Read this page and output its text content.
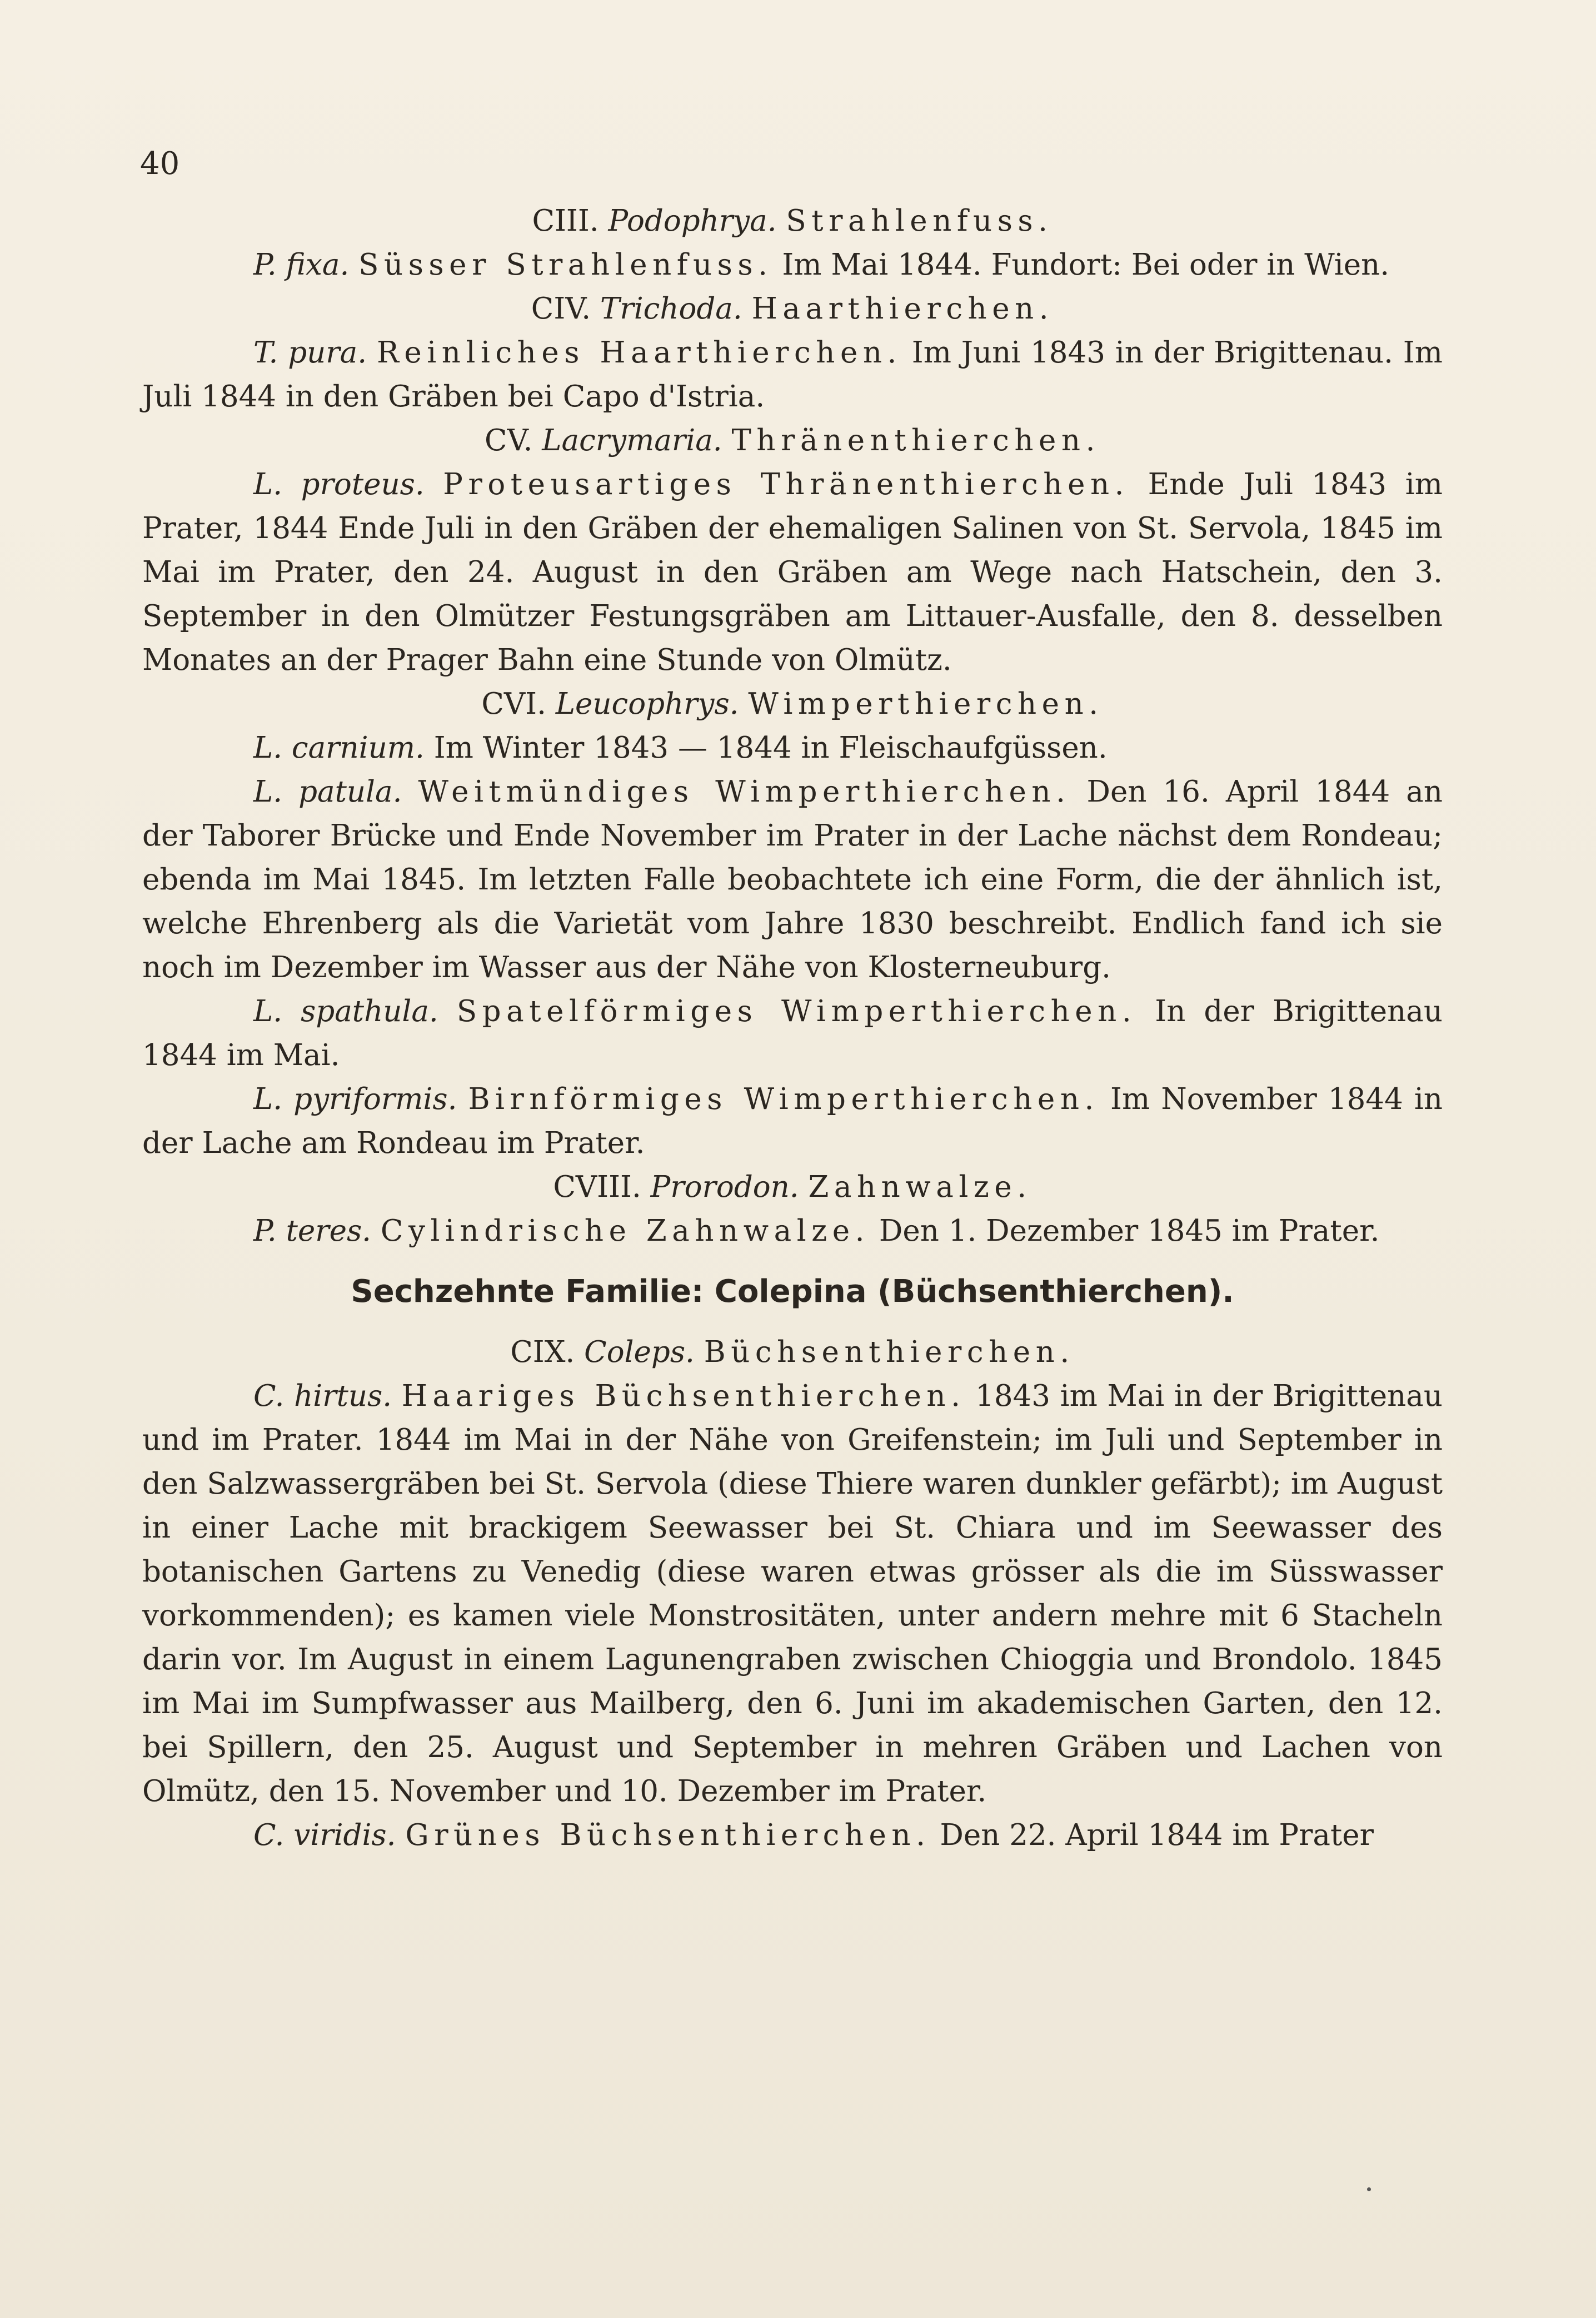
40
CIII. Podophrya. Strahlenfuss.
P. fixa. Süsser Strahlenfuss. Im Mai 1844. Fundort: Bei oder in Wien.
CIV. Trichoda. Haarthierchen.
T. pura. Reinliches Haarthierchen. Im Juni 1843 in der Brigittenau. Im Juli 1844 in den Gräben bei Capo d'Istria.
CV. Lacrymaria. Thränenthierchen.
L. proteus. Proteusartiges Thränenthierchen. Ende Juli 1843 im Prater, 1844 Ende Juli in den Gräben der ehemaligen Salinen von St. Servola, 1845 im Mai im Prater, den 24. August in den Gräben am Wege nach Hatschein, den 3. September in den Olmützer Festungsgräben am Littauer-Ausfalle, den 8. desselben Monates an der Prager Bahn eine Stunde von Olmütz.
CVI. Leucophrys. Wimperthierchen.
L. carnium. Im Winter 1843 — 1844 in Fleischaufgüssen.
L. patula. Weitmündiges Wimperthierchen. Den 16. April 1844 an der Taborer Brücke und Ende November im Prater in der Lache nächst dem Rondeau; ebenda im Mai 1845. Im letzten Falle beobachtete ich eine Form, die der ähnlich ist, welche Ehrenberg als die Varietät vom Jahre 1830 beschreibt. Endlich fand ich sie noch im Dezember im Wasser aus der Nähe von Klosterneuburg.
L. spathula. Spatelförmiges Wimperthierchen. In der Brigittenau 1844 im Mai.
L. pyriformis. Birnförmiges Wimperthierchen. Im November 1844 in der Lache am Rondeau im Prater.
CVIII. Prorodon. Zahnwalze.
P. teres. Cylindrische Zahnwalze. Den 1. Dezember 1845 im Prater.
Sechzehnte Familie: Colepina (Büchsenthierchen).
CIX. Coleps. Büchsenthierchen.
C. hirtus. Haariges Büchsenthierchen. 1843 im Mai in der Brigittenau und im Prater. 1844 im Mai in der Nähe von Greifenstein; im Juli und September in den Salzwassergräben bei St. Servola (diese Thiere waren dunkler gefärbt); im August in einer Lache mit brackigem Seewasser bei St. Chiara und im Seewasser des botanischen Gartens zu Venedig (diese waren etwas grösser als die im Süsswasser vorkommenden); es kamen viele Monstrositäten, unter andern mehre mit 6 Stacheln darin vor. Im August in einem Lagunengraben zwischen Chioggia und Brondolo. 1845 im Mai im Sumpfwasser aus Mailberg, den 6. Juni im akademischen Garten, den 12. bei Spillern, den 25. August und September in mehren Gräben und Lachen von Olmütz, den 15. November und 10. Dezember im Prater.
C. viridis. Grünes Büchsenthierchen. Den 22. April 1844 im Prater
